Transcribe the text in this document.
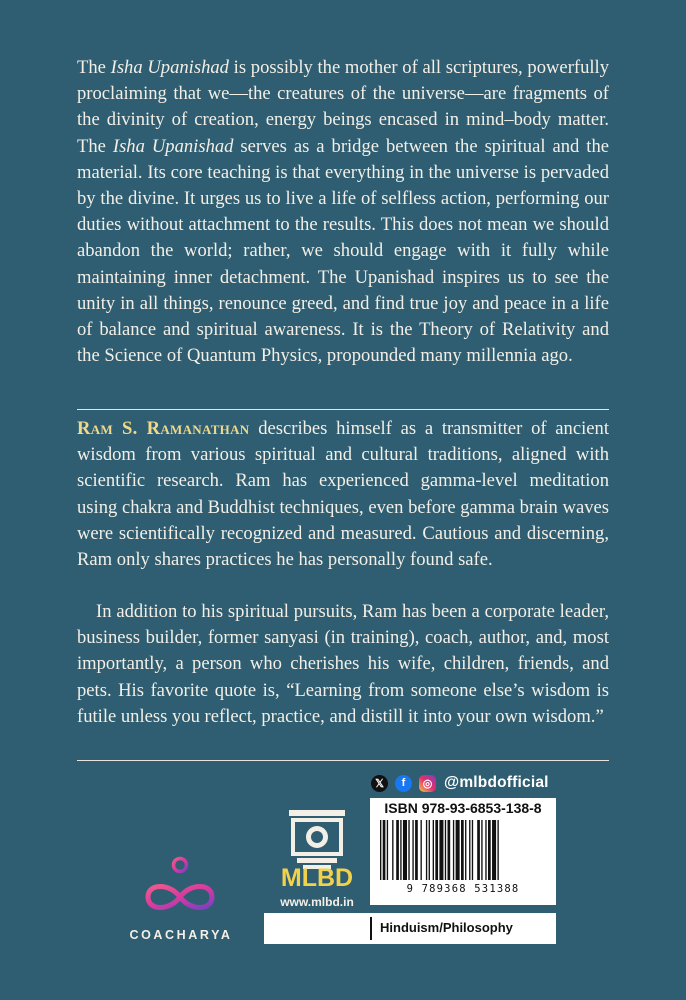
The Isha Upanishad is possibly the mother of all scriptures, powerfully proclaiming that we—the creatures of the universe—are fragments of the divinity of creation, energy beings encased in mind–body matter. The Isha Upanishad serves as a bridge between the spiritual and the material. Its core teaching is that everything in the universe is pervaded by the divine. It urges us to live a life of selfless action, performing our duties without attachment to the results. This does not mean we should abandon the world; rather, we should engage with it fully while maintaining inner detachment. The Upanishad inspires us to see the unity in all things, renounce greed, and find true joy and peace in a life of balance and spiritual awareness. It is the Theory of Relativity and the Science of Quantum Physics, propounded many millennia ago.

Ram S. Ramanathan describes himself as a transmitter of ancient wisdom from various spiritual and cultural traditions, aligned with scientific research. Ram has experienced gamma-level meditation using chakra and Buddhist techniques, even before gamma brain waves were scientifically recognized and measured. Cautious and discerning, Ram only shares practices he has personally found safe.

In addition to his spiritual pursuits, Ram has been a corporate leader, business builder, former sanyasi (in training), coach, author, and, most importantly, a person who cherishes his wife, children, friends, and pets. His favorite quote is, “Learning from someone else’s wisdom is futile unless you reflect, practice, and distill it into your own wisdom.”

COACHARYA
MLBD
www.mlbd.in
𝕏	f	◎ @mlbdofficial
ISBN 978-93-6853-138-8
9 789368 531388
Hinduism/Philosophy
